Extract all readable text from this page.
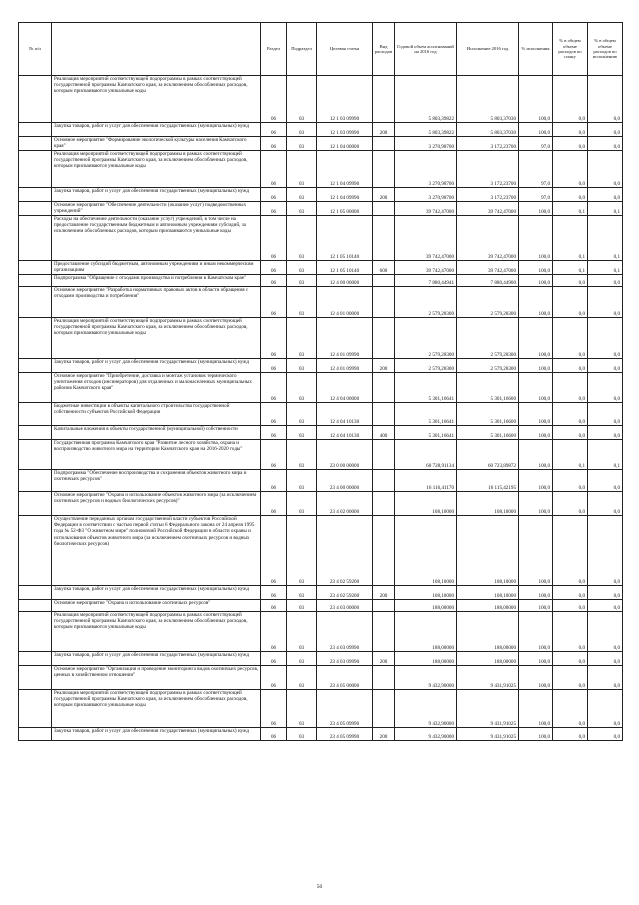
№ п/п		Раздел	Подраздел	Целевая статья	Вид расходов	Годовой объем ассигнований на 2016 год	Исполнение 2016 год	% исполнения	% в общем объеме расходов по плану	% в общем объеме расходов по исполнению
	Реализация мероприятий соответствующей подпрограммы в рамках соответствующей государственной программы Камчатского края, за исключением обособленных расходов, которым присваиваются уникальные коды	06	03	12 1 03 09990		5 803,39822	5 803,37030	100,0	0,0	0,0
	Закупка товаров, работ и услуг для обеспечения государственных (муниципальных) нужд	06	03	12 1 03 09990	200	5 803,39822	5 803,37030	100,0	0,0	0,0
	Основное мероприятие "Формирование экологической культуры населения Камчатского края"	06	03	12 1 04 00000		3 270,98700	3 172,23700	97,0	0,0	0,0
	Реализация мероприятий соответствующей подпрограммы в рамках соответствующей государственной программы Камчатского края, за исключением обособленных расходов, которым присваиваются уникальные коды	06	03	12 1 04 09990		3 270,98700	3 172,23700	97,0	0,0	0,0
	Закупка товаров, работ и услуг для обеспечения государственных (муниципальных) нужд	06	03	12 1 04 09990	200	3 270,98700	3 172,23700	97,0	0,0	0,0
	Основное мероприятие "Обеспечение деятельности (оказание услуг) подведомственных учреждений"	06	03	12 1 05 00000		39 742,47000	39 742,47000	100,0	0,1	0,1
	Расходы на обеспечение деятельности (оказание услуг) учреждений, в том числе на предоставление государственным бюджетным и автономным учреждениям субсидий, за исключением обособленных расходов, которым присваиваются уникальные коды	06	03	12 1 05 10140		39 742,47000	39 742,47000	100,0	0,1	0,1
	Предоставление субсидий бюджетным, автономным учреждениям и иным некоммерческим организациям	06	03	12 1 05 10140	600	39 742,47000	39 742,47000	100,0	0,1	0,1
	Подпрограмма "Обращение с отходами производства и потребления в Камчатском крае"	06	03	12 4 00 00000		7 880,44941	7 880,44900	100,0	0,0	0,0
	Основное мероприятие "Разработка нормативных правовых актов в области обращения с отходами производства и потребления"	06	03	12 4 01 00000		2 579,28300	2 579,28300	100,0	0,0	0,0
	Реализация мероприятий соответствующей подпрограммы в рамках соответствующей государственной программы Камчатского края, за исключением обособленных расходов, которым присваиваются уникальные коды	06	03	12 4 01 09990		2 579,28300	2 579,28300	100,0	0,0	0,0
	Закупка товаров, работ и услуг для обеспечения государственных (муниципальных) нужд	06	03	12 4 01 09990	200	2 579,28300	2 579,28300	100,0	0,0	0,0
	Основное мероприятие "Приобретение, доставка и монтаж установок термического уничтожения отходов (инсинераторов) для отдаленных и малонаселенных муниципальных районов Камчатского края"	06	03	12 4 04 00000		5 301,16641	5 301,16600	100,0	0,0	0,0
	Бюджетные инвестиции в объекты капитального строительства государственной собственности субъектов Российской Федерации	06	03	12 4 04 10130		5 301,16641	5 301,16600	100,0	0,0	0,0
	Капитальные вложения в объекты государственной (муниципальной) собственности	06	03	12 4 04 10130	400	5 301,16641	5 301,16600	100,0	0,0	0,0
	Государственная программа Камчатского края "Развитие лесного хозяйства, охрана и воспроизводство животного мира на территории Камчатского края на 2016-2020 годы"	06	03	23 0 00 00000		60 728,91134	60 723,89872	100,0	0,1	0,1
	Подпрограмма "Обеспечение воспроизводства и сохранения объектов животного мира и охотничьих ресурсов"	06	03	23 4 00 00000		16 116,41170	16 115,42195	100,0	0,0	0,0
	Основное мероприятие "Охрана и использование объектов животного мира (за исключением охотничьих ресурсов и водных биологических ресурсов)"	06	03	23 4 02 00000		108,10000	108,10000	100,0	0,0	0,0
	Осуществление переданных органам государственной власти субъектов Российской Федерации в соответствии с частью первой статьи 6 Федерального закона от 24 апреля 1995 года № 52-ФЗ "О животном мире" полномочий Российской Федерации в области охраны и использования объектов животного мира (за исключением охотничьих ресурсов и водных биологических ресурсов)	06	03	23 4 02 59200		108,10000	108,10000	100,0	0,0	0,0
	Закупка товаров, работ и услуг для обеспечения государственных (муниципальных) нужд	06	03	23 4 02 59200	200	108,10000	108,10000	100,0	0,0	0,0
	Основное мероприятие "Охрана и использование охотничьих ресурсов"	06	03	23 4 03 00000		188,00000	188,00000	100,0	0,0	0,0
	Реализация мероприятий соответствующей подпрограммы в рамках соответствующей государственной программы Камчатского края, за исключением обособленных расходов, которым присваиваются уникальные коды	06	03	23 4 03 09990		188,00000	188,00000	100,0	0,0	0,0
	Закупка товаров, работ и услуг для обеспечения государственных (муниципальных) нужд	06	03	23 4 03 09990	200	188,00000	188,00000	100,0	0,0	0,0
	Основное мероприятие "Организация и проведение мониторинга видов охотничьих ресурсов, ценных в хозяйственном отношении"	06	03	23 4 05 00000		9 432,90000	9 431,91025	100,0	0,0	0,0
	Реализация мероприятий соответствующей подпрограммы в рамках соответствующей государственной программы Камчатского края, за исключением обособленных расходов, которым присваиваются уникальные коды	06	03	23 4 05 09990		9 432,90000	9 431,91025	100,0	0,0	0,0
	Закупка товаров, работ и услуг для обеспечения государственных (муниципальных) нужд	06	03	23 4 05 09990	200	9 432,90000	9 431,91025	100,0	0,0	0,0
50
